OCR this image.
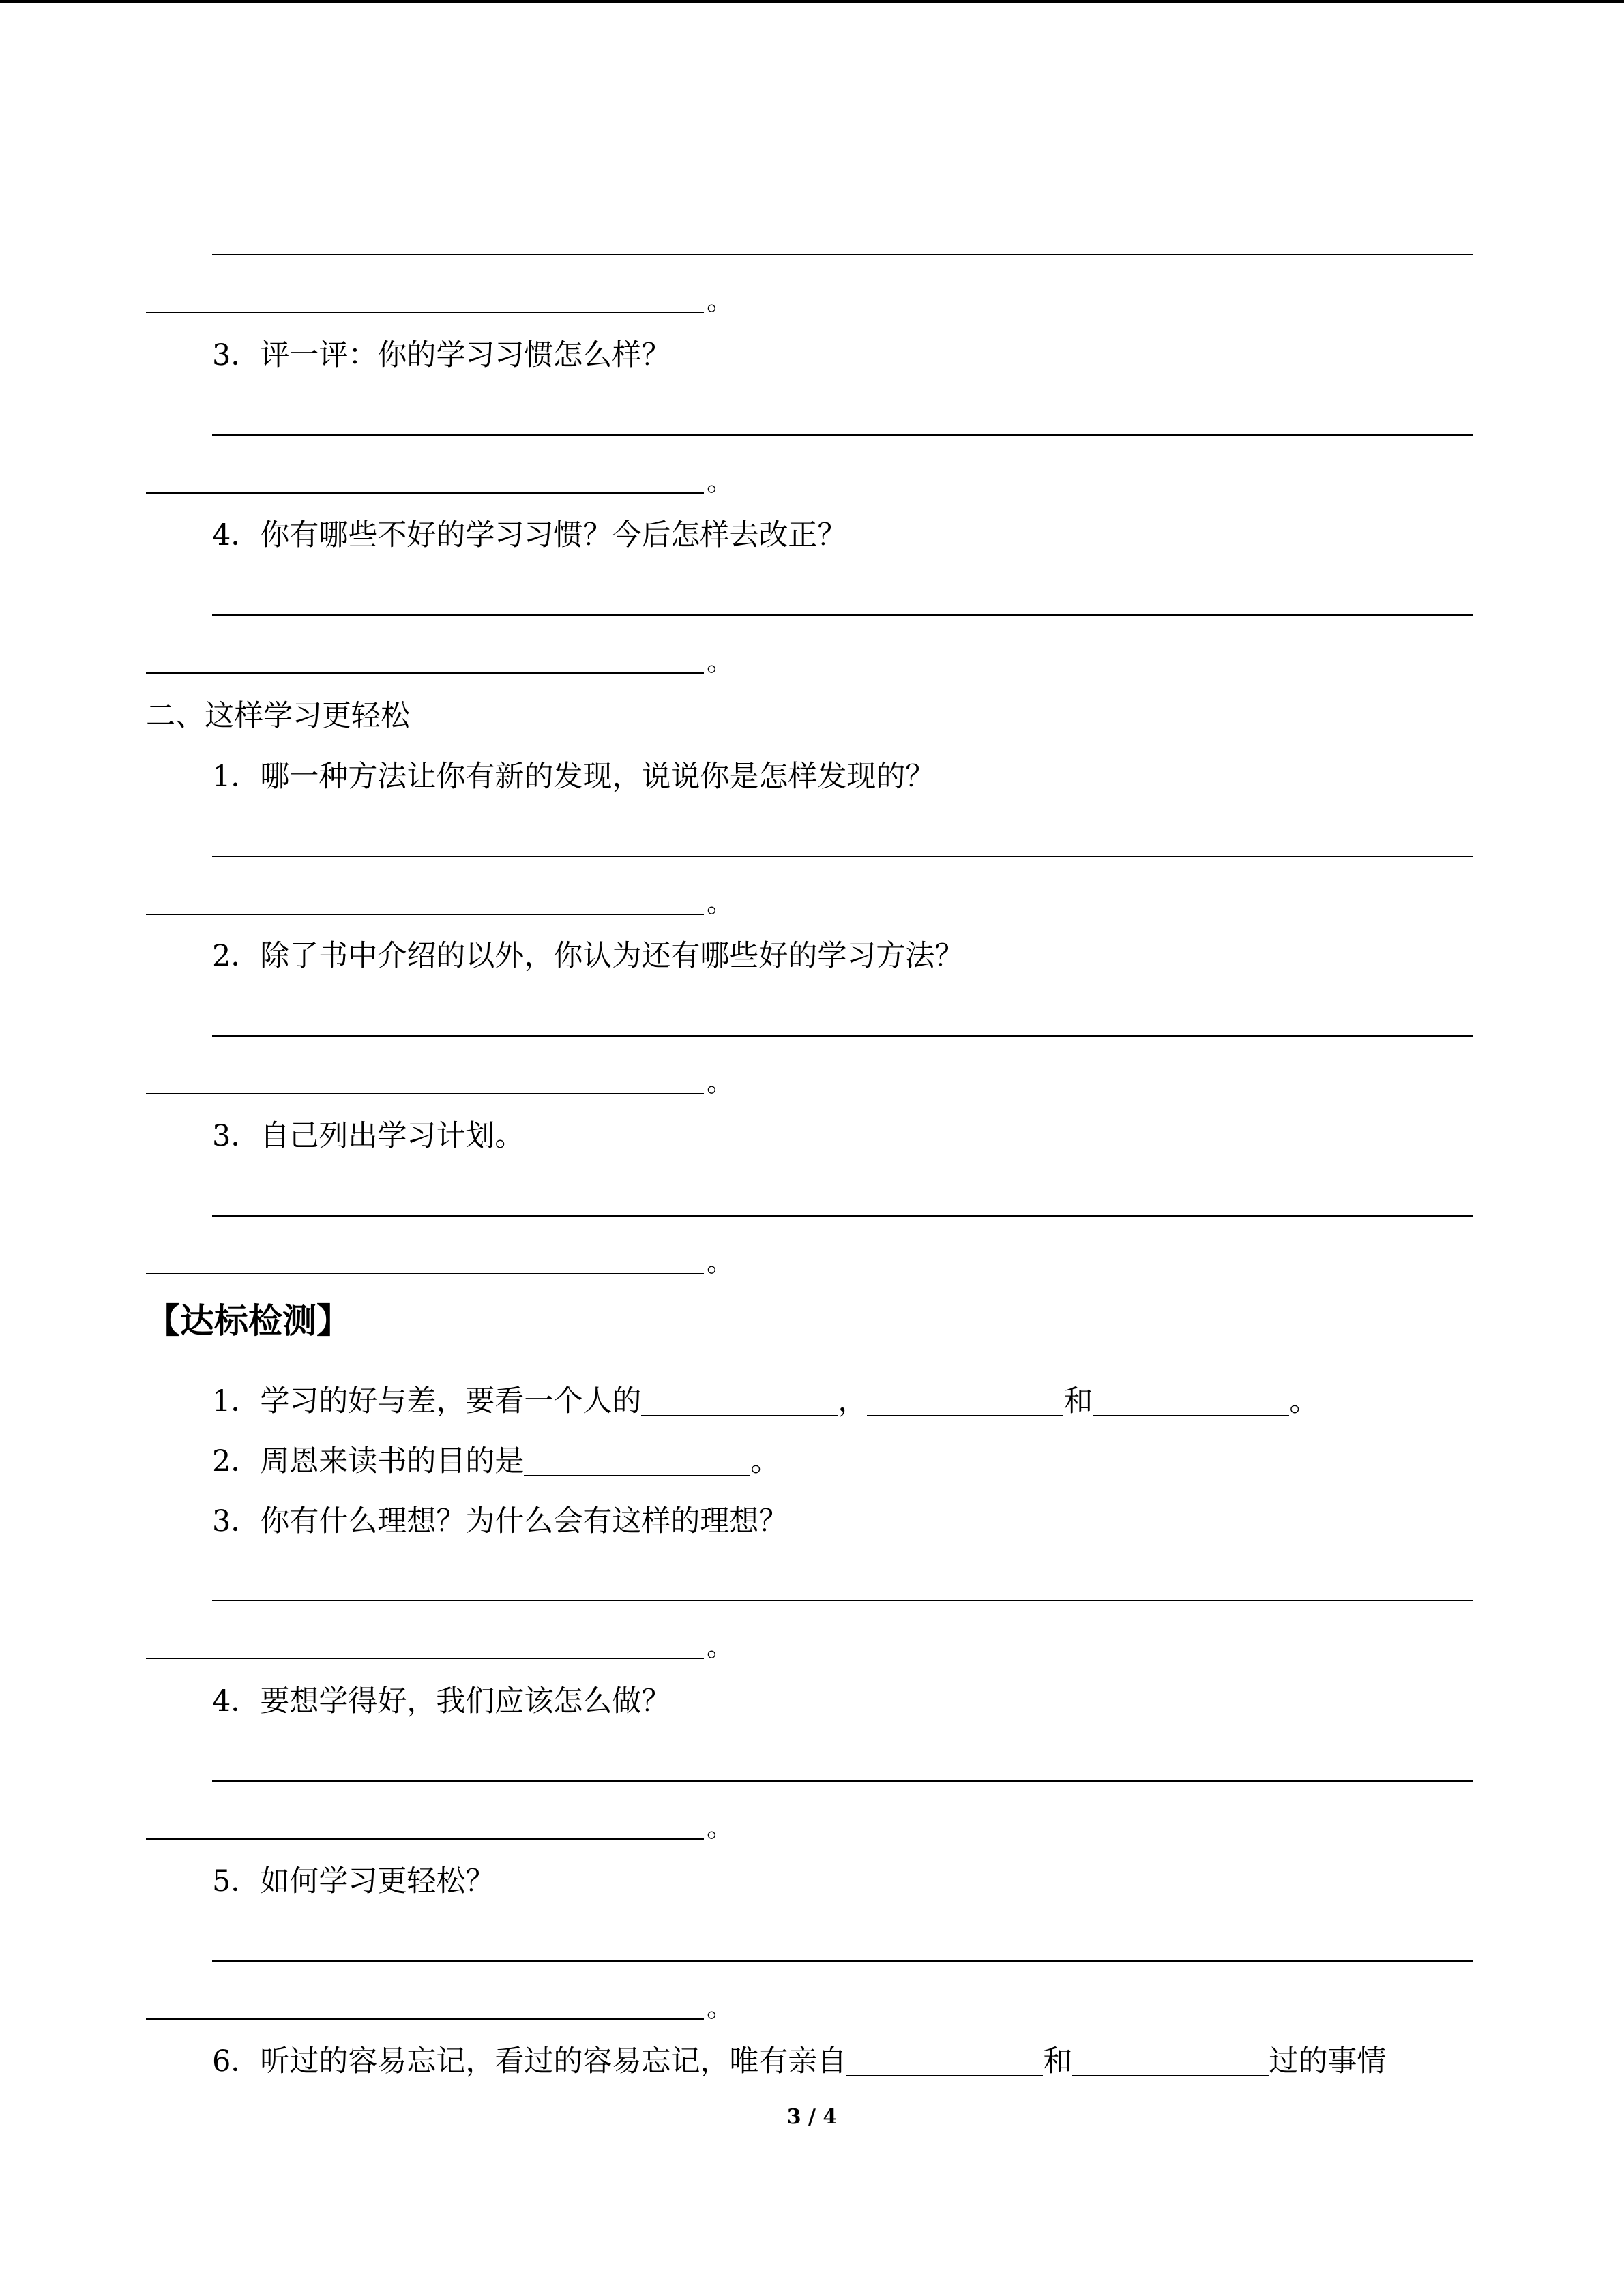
。
3．评一评：你的学习习惯怎么样？
。
4．你有哪些不好的学习习惯？今后怎样去改正？
。
二、这样学习更轻松
1．哪一种方法让你有新的发现，说说你是怎样发现的？
。
2．除了书中介绍的以外，你认为还有哪些好的学习方法？
。
3．自己列出学习计划。
。
【达标检测】
1．学习的好与差，要看一个人的	，	和	。
2．周恩来读书的目的是	。
3．你有什么理想？为什么会有这样的理想？
。
4．要想学得好，我们应该怎么做？
。
5．如何学习更轻松？
。
6．听过的容易忘记，看过的容易忘记，唯有亲自	和	过的事情
3 / 4
